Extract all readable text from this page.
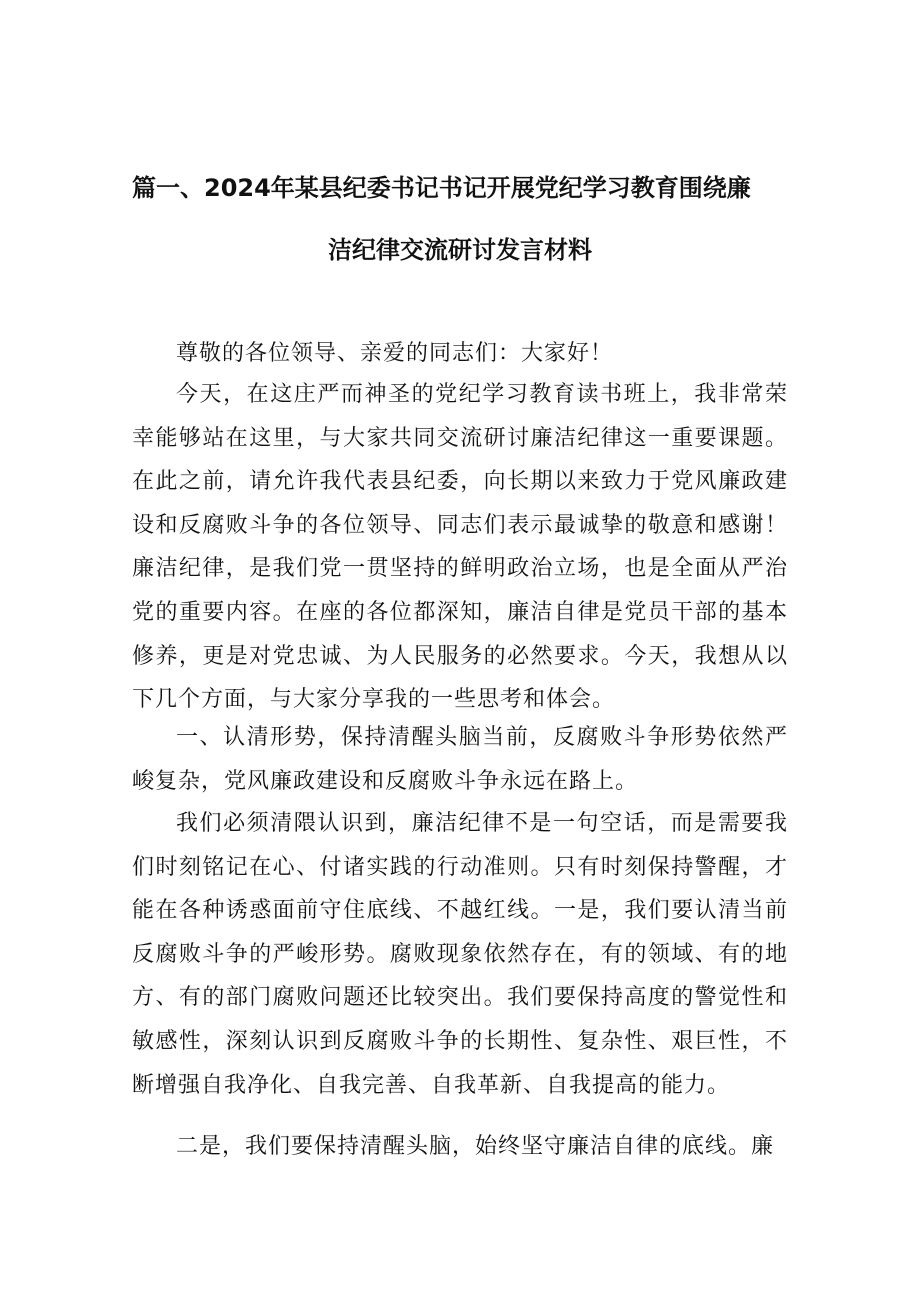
篇一、2024年某县纪委书记书记开展党纪学习教育围绕廉
洁纪律交流研讨发言材料

尊敬的各位领导、亲爱的同志们：大家好！

今天，在这庄严而神圣的党纪学习教育读书班上，我非常荣幸能够站在这里，与大家共同交流研讨廉洁纪律这一重要课题。在此之前，请允许我代表县纪委，向长期以来致力于党风廉政建设和反腐败斗争的各位领导、同志们表示最诚挚的敬意和感谢！廉洁纪律，是我们党一贯坚持的鲜明政治立场，也是全面从严治党的重要内容。在座的各位都深知，廉洁自律是党员干部的基本修养，更是对党忠诚、为人民服务的必然要求。今天，我想从以下几个方面，与大家分享我的一些思考和体会。

一、认清形势，保持清醒头脑当前，反腐败斗争形势依然严峻复杂，党风廉政建设和反腐败斗争永远在路上。

我们必须清隈认识到，廉洁纪律不是一句空话，而是需要我们时刻铭记在心、付诸实践的行动准则。只有时刻保持警醒，才能在各种诱惑面前守住底线、不越红线。一是，我们要认清当前反腐败斗争的严峻形势。腐败现象依然存在，有的领域、有的地方、有的部门腐败问题还比较突出。我们要保持高度的警觉性和敏感性，深刻认识到反腐败斗争的长期性、复杂性、艰巨性，不断增强自我净化、自我完善、自我革新、自我提高的能力。

二是，我们要保持清醒头脑，始终坚守廉洁自律的底线。廉
